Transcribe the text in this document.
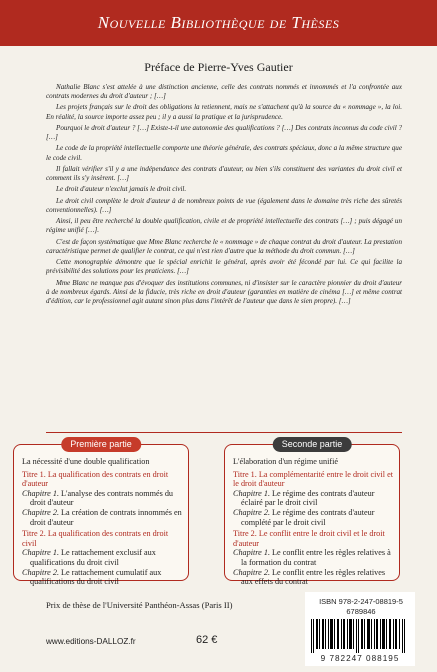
Nouvelle Bibliothèque de Thèses
Préface de Pierre-Yves Gautier

Nathalie Blanc s'est attelée à une distinction ancienne, celle des contrats nommés et innommés et l'a confrontée aux contrats modernes du droit d'auteur ; […]

Les projets français sur le droit des obligations la retiennent, mais ne s'attachent qu'à la source du « nommage », la loi. En réalité, la source importe assez peu ; il y a aussi la pratique et la jurisprudence.

Pourquoi le droit d'auteur ? […] Existe-t-il une autonomie des qualifications ? […] Des contrats inconnus du code civil ? […]

Le code de la propriété intellectuelle comporte une théorie générale, des contrats spéciaux, donc a la même structure que le code civil.

Il fallait vérifier s'il y a une indépendance des contrats d'auteur, ou bien s'ils constituent des variantes du droit civil et comment ils s'y insèrent. […]

Le droit d'auteur n'exclut jamais le droit civil.

Le droit civil complète le droit d'auteur à de nombreux points de vue (également dans le domaine très riche des sûretés conventionnelles). […]

Ainsi, il peu être recherché la double qualification, civile et de propriété intellectuelle des contrats […] ; puis dégagé un régime unifié […].

C'est de façon systématique que Mme Blanc recherche le « nommage » de chaque contrat du droit d'auteur. La prestation caractéristique permet de qualifier le contrat, ce qui n'est rien d'autre que la méthode du droit commun. […]

Cette monographie démontre que le spécial enrichit le général, après avoir été fécondé par lui. Ce qui facilite la prévisibilité des solutions pour les praticiens. […]

Mme Blanc ne manque pas d'évoquer des institutions communes, ni d'insister sur le caractère pionnier du droit d'auteur à de nombreux égards. Ainsi de la fiducie, très riche en droit d'auteur (garanties en matière de cinéma […] et même contrat d'édition, car le professionnel agit autant sinon plus dans l'intérêt de l'auteur que dans le sien propre). […]

Première partie
La nécessité d'une double qualification
Titre 1. La qualification des contrats en droit d'auteur
Chapitre 1. L'analyse des contrats nommés du droit d'auteur
Chapitre 2. La création de contrats innommés en droit d'auteur
Titre 2. La qualification des contrats en droit civil
Chapitre 1. Le rattachement exclusif aux qualifications du droit civil
Chapitre 2. Le rattachement cumulatif aux qualifications du droit civil
Seconde partie
L'élaboration d'un régime unifié
Titre 1. La complémentarité entre le droit civil et le droit d'auteur
Chapitre 1. Le régime des contrats d'auteur éclairé par le droit civil
Chapitre 2. Le régime des contrats d'auteur complété par le droit civil
Titre 2. Le conflit entre le droit civil et le droit d'auteur
Chapitre 1. Le conflit entre les règles relatives à la formation du contrat
Chapitre 2. Le conflit entre les règles relatives aux effets du contrat
Prix de thèse de l'Université Panthéon-Assas (Paris II)	ISBN 978-2-247-08819-5 6789846
9 782247 088195
www.editions-DALLOZ.fr	62 €
